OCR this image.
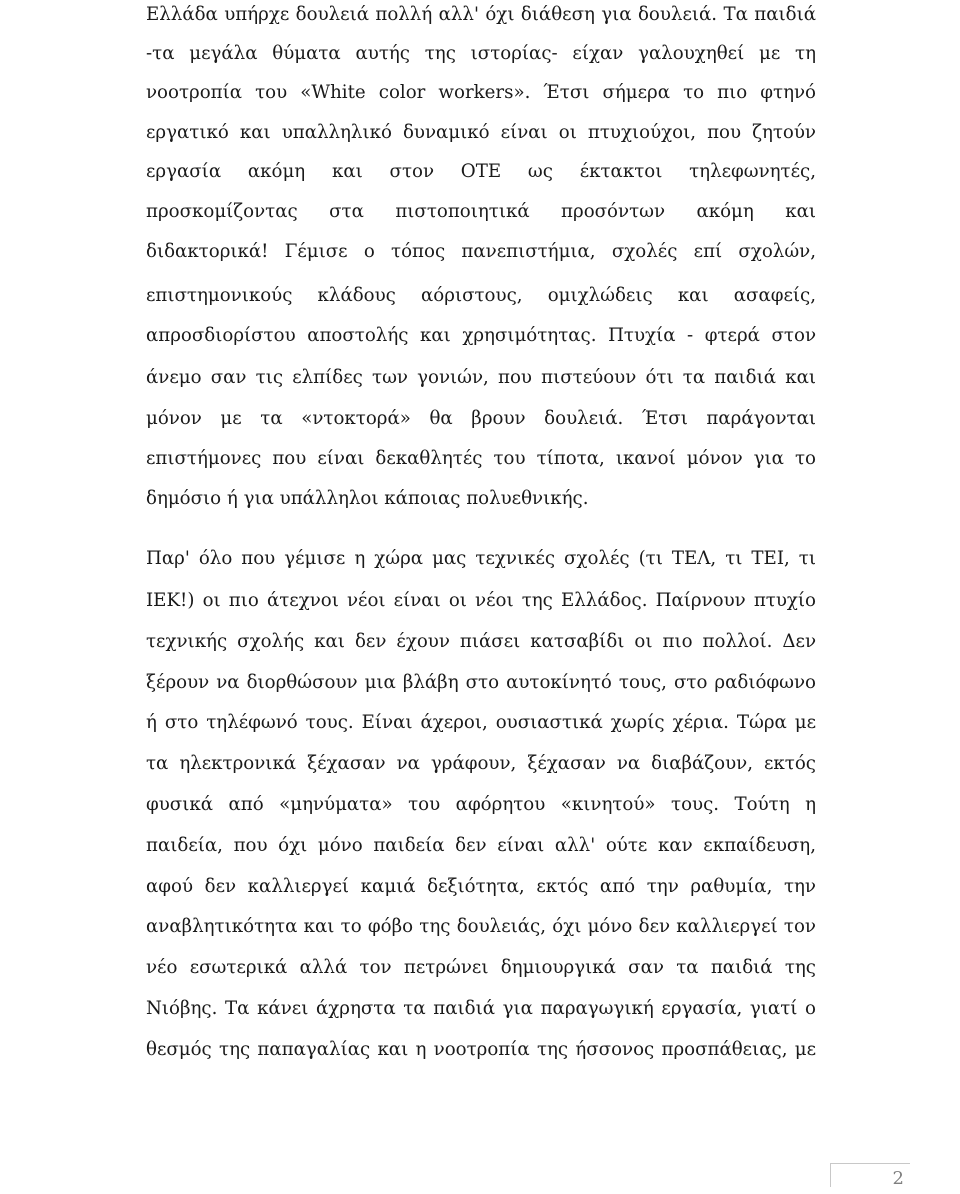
Ελλάδα υπήρχε δουλειά πολλή αλλ' όχι διάθεση για δουλειά. Τα παιδιά
-τα μεγάλα θύματα αυτής της ιστορίας- είχαν γαλουχηθεί με τη
νοοτροπία του «White color workers». Έτσι σήμερα το πιο φτηνό
εργατικό και υπαλληλικό δυναμικό είναι οι πτυχιούχοι, που ζητούν
εργασία ακόμη και στον ΟΤΕ ως έκτακτοι τηλεφωνητές,
προσκομίζοντας στα πιστοποιητικά προσόντων ακόμη και
διδακτορικά! Γέμισε ο τόπος πανεπιστήμια, σχολές επί σχολών,
επιστημονικούς κλάδους αόριστους, ομιχλώδεις και ασαφείς,
απροσδιορίστου αποστολής και χρησιμότητας. Πτυχία - φτερά στον
άνεμο σαν τις ελπίδες των γονιών, που πιστεύουν ότι τα παιδιά και
μόνον με τα «ντοκτορά» θα βρουν δουλειά. Έτσι παράγονται
επιστήμονες που είναι δεκαθλητές του τίποτα, ικανοί μόνον για το
δημόσιο ή για υπάλληλοι κάποιας πολυεθνικής.
Παρ' όλο που γέμισε η χώρα μας τεχνικές σχολές (τι ΤΕΛ, τι ΤΕΙ, τι
ΙΕΚ!) οι πιο άτεχνοι νέοι είναι οι νέοι της Ελλάδος. Παίρνουν πτυχίο
τεχνικής σχολής και δεν έχουν πιάσει κατσαβίδι οι πιο πολλοί. Δεν
ξέρουν να διορθώσουν μια βλάβη στο αυτοκίνητό τους, στο ραδιόφωνο
ή στο τηλέφωνό τους. Είναι άχεροι, ουσιαστικά χωρίς χέρια. Τώρα με
τα ηλεκτρονικά ξέχασαν να γράφουν, ξέχασαν να διαβάζουν, εκτός
φυσικά από «μηνύματα» του αφόρητου «κινητού» τους. Τούτη η
παιδεία, που όχι μόνο παιδεία δεν είναι αλλ' ούτε καν εκπαίδευση,
αφού δεν καλλιεργεί καμιά δεξιότητα, εκτός από την ραθυμία, την
αναβλητικότητα και το φόβο της δουλειάς, όχι μόνο δεν καλλιεργεί τον
νέο εσωτερικά αλλά τον πετρώνει δημιουργικά σαν τα παιδιά της
Νιόβης. Τα κάνει άχρηστα τα παιδιά για παραγωγική εργασία, γιατί ο
θεσμός της παπαγαλίας και η νοοτροπία της ήσσονος προσπάθειας, με
2
